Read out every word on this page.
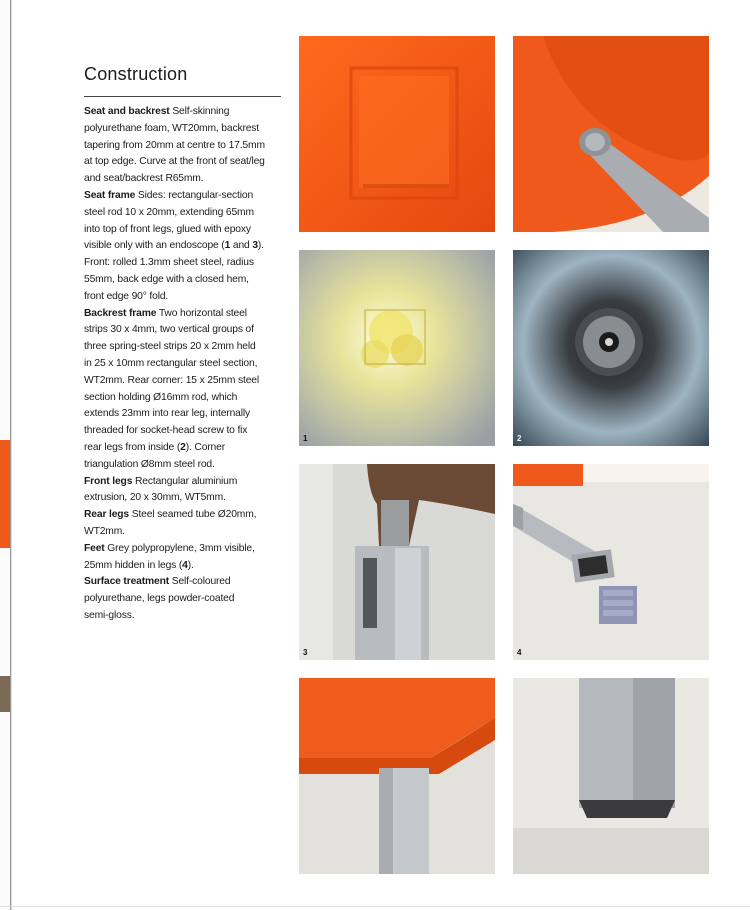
Construction

Seat and backrest Self-skinning
polyurethane foam, WT20mm, backrest
tapering from 20mm at centre to 17.5mm
at top edge. Curve at the front of seat/leg
and seat/backrest R65mm.

Seat frame Sides: rectangular-section
steel rod 10 x 20mm, extending 65mm
into top of front legs, glued with epoxy
visible only with an endoscope (1 and 3).
Front: rolled 1.3mm sheet steel, radius
55mm, back edge with a closed hem,
front edge 90° fold.

Backrest frame Two horizontal steel
strips 30 x 4mm, two vertical groups of
three spring-steel strips 20 x 2mm held
in 25 x 10mm rectangular steel section,
WT2mm. Rear corner: 15 x 25mm steel
section holding Ø16mm rod, which
extends 23mm into rear leg, internally
threaded for socket-head screw to fix
rear legs from inside (2). Corner
triangulation Ø8mm steel rod.

Front legs Rectangular aluminium
extrusion, 20 x 30mm, WT5mm.

Rear legs Steel seamed tube Ø20mm,
WT2mm.

Feet Grey polypropylene, 3mm visible,
25mm hidden in legs (4).

Surface treatment Self-coloured
polyurethane, legs powder-coated
semi-gloss.

1	2
3	4
